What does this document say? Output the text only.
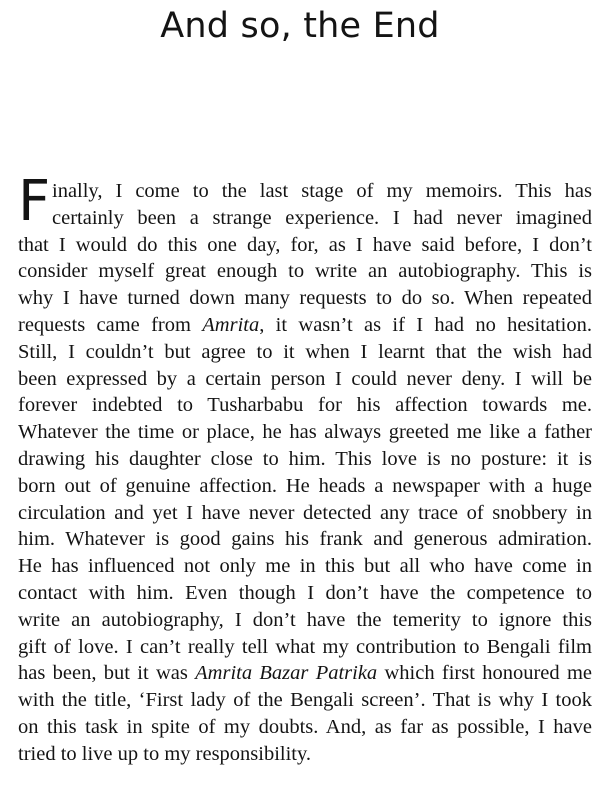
And so, the End
F inally, I come to the last stage of my memoirs. This has
certainly been a strange experience. I had never imagined
that I would do this one day, for, as I have said before, I don’t
consider myself great enough to write an autobiography. This is
why I have turned down many requests to do so. When repeated
requests came from Amrita, it wasn’t as if I had no hesitation.
Still, I couldn’t but agree to it when I learnt that the wish had
been expressed by a certain person I could never deny. I will be
forever indebted to Tusharbabu for his affection towards me.
Whatever the time or place, he has always greeted me like a father
drawing his daughter close to him. This love is no posture: it is
born out of genuine affection. He heads a newspaper with a huge
circulation and yet I have never detected any trace of snobbery in
him. Whatever is good gains his frank and generous admiration.
He has influenced not only me in this but all who have come in
contact with him. Even though I don’t have the competence to
write an autobiography, I don’t have the temerity to ignore this
gift of love. I can’t really tell what my contribution to Bengali film
has been, but it was Amrita Bazar Patrika which first honoured me
with the title, ‘First lady of the Bengali screen’. That is why I took
on this task in spite of my doubts. And, as far as possible, I have
tried to live up to my responsibility.
